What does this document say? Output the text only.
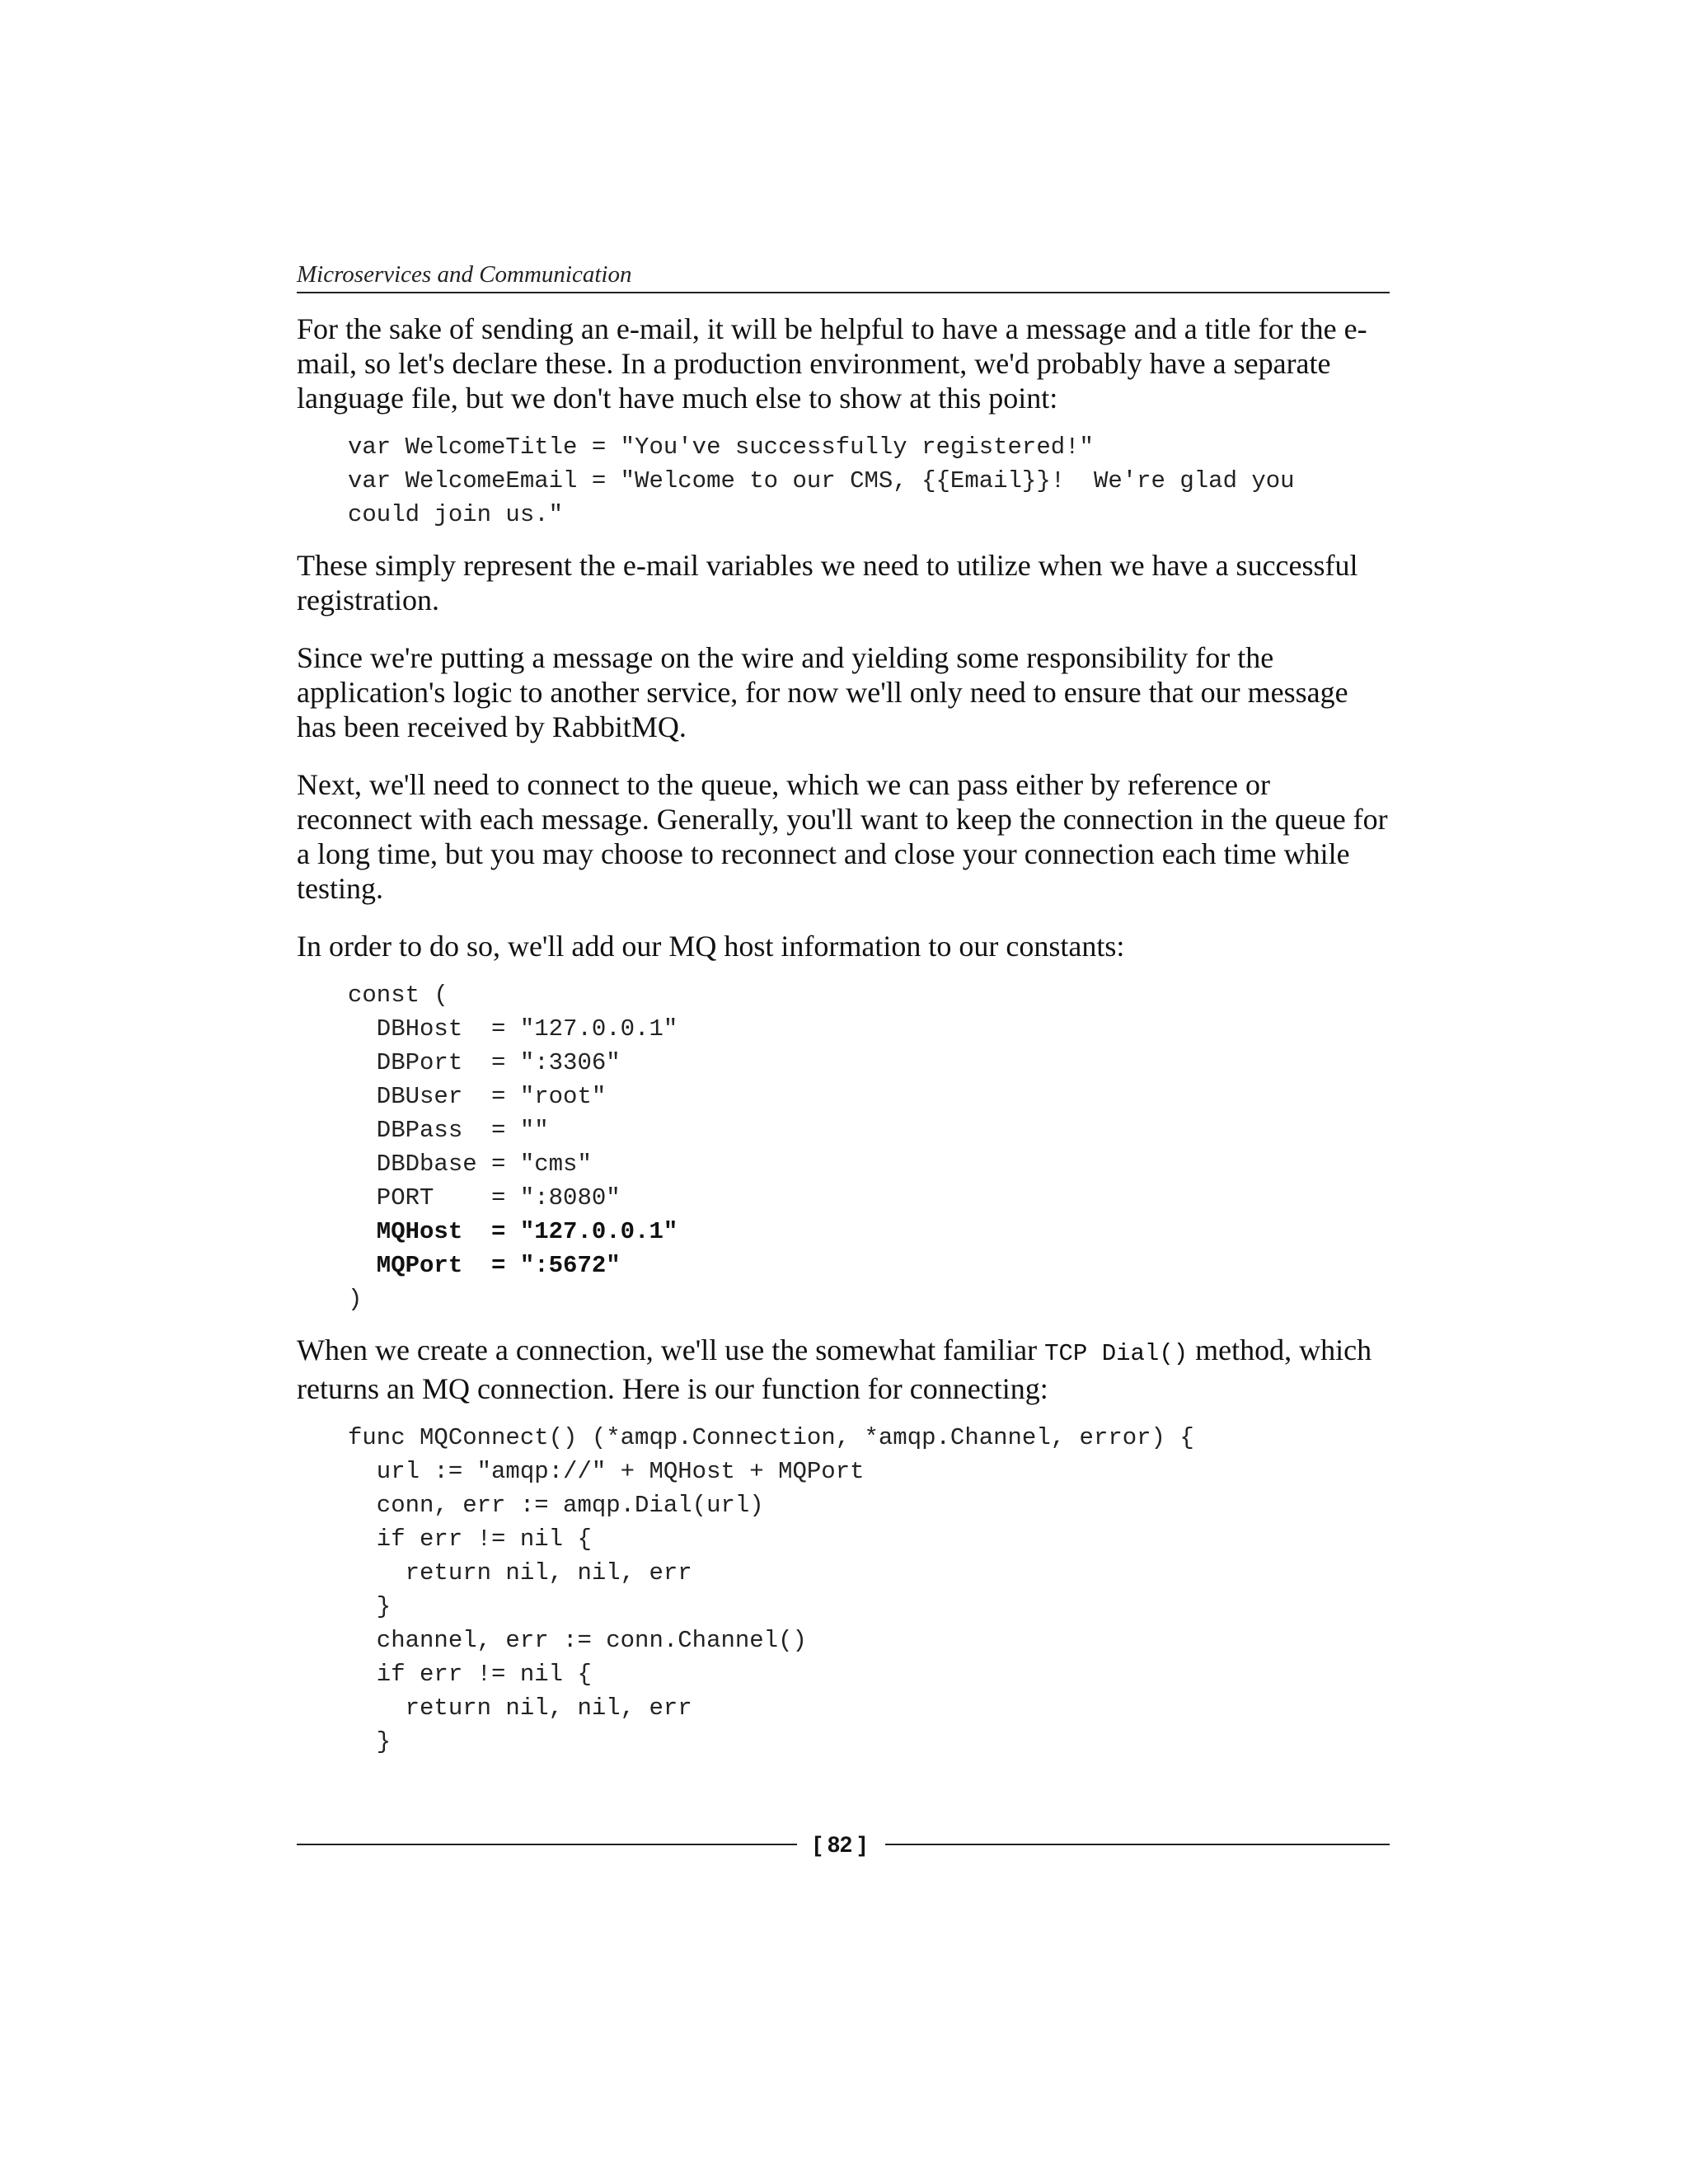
Microservices and Communication

For the sake of sending an e-mail, it will be helpful to have a message and a title for the e-mail, so let's declare these. In a production environment, we'd probably have a separate language file, but we don't have much else to show at this point:

var WelcomeTitle = "You've successfully registered!"
var WelcomeEmail = "Welcome to our CMS, {{Email}}!  We're glad you
could join us."

These simply represent the e-mail variables we need to utilize when we have a successful registration.

Since we're putting a message on the wire and yielding some responsibility for the application's logic to another service, for now we'll only need to ensure that our message has been received by RabbitMQ.

Next, we'll need to connect to the queue, which we can pass either by reference or reconnect with each message. Generally, you'll want to keep the connection in the queue for a long time, but you may choose to reconnect and close your connection each time while testing.

In order to do so, we'll add our MQ host information to our constants:

const (
DBHost  = "127.0.0.1"
DBPort  = ":3306"
DBUser  = "root"
DBPass  = ""
DBDbase = "cms"
PORT    = ":8080"
MQHost  = "127.0.0.1"
MQPort  = ":5672"
)

When we create a connection, we'll use the somewhat familiar TCP Dial() method, which returns an MQ connection. Here is our function for connecting:

func MQConnect() (*amqp.Connection, *amqp.Channel, error) {
url := "amqp://" + MQHost + MQPort
conn, err := amqp.Dial(url)
if err != nil {
return nil, nil, err
}
channel, err := conn.Channel()
if err != nil {
return nil, nil, err
}
[ 82 ]
